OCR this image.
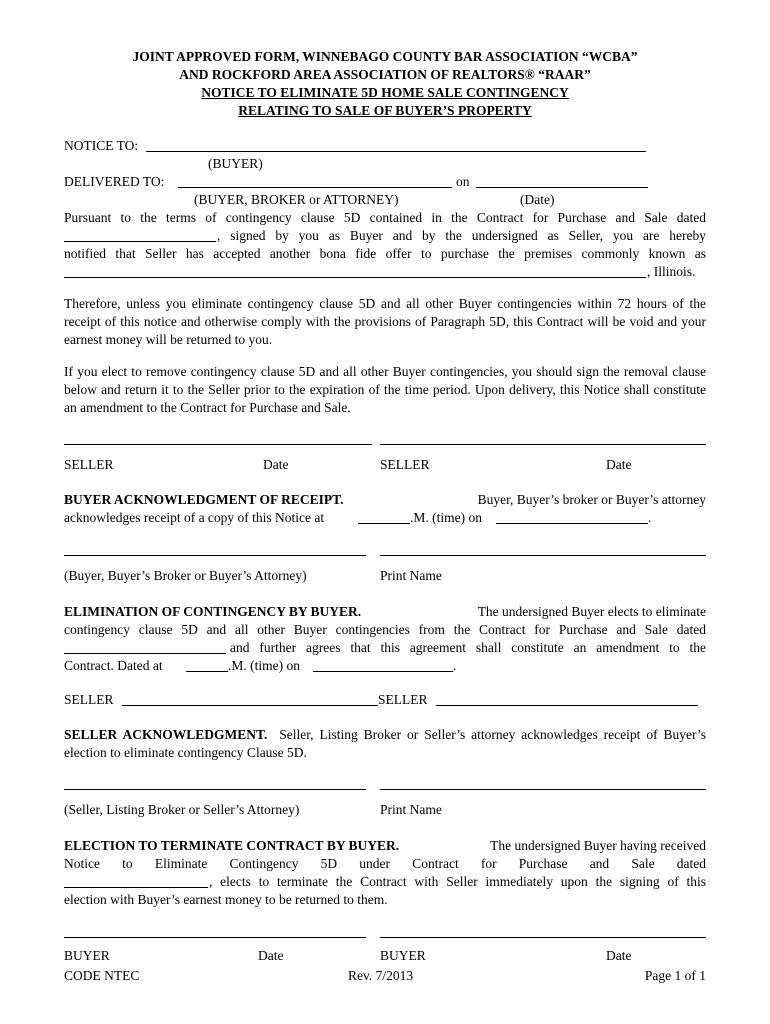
JOINT APPROVED FORM, WINNEBAGO COUNTY BAR ASSOCIATION “WCBA”
AND ROCKFORD AREA ASSOCIATION OF REALTORS® “RAAR”
NOTICE TO ELIMINATE 5D HOME SALE CONTINGENCY
RELATING TO SALE OF BUYER’S PROPERTY
NOTICE TO:
(BUYER)
DELIVERED TO:	on
(BUYER, BROKER or ATTORNEY)	(Date)
Pursuant to the terms of contingency clause 5D contained in the Contract for Purchase and Sale dated
, signed by you as Buyer and by the undersigned as Seller, you are hereby
notified that Seller has accepted another bona fide offer to purchase the premises commonly known as
, Illinois.

Therefore, unless you eliminate contingency clause 5D and all other Buyer contingencies within 72 hours of the receipt of this notice and otherwise comply with the provisions of Paragraph 5D, this Contract will be void and your earnest money will be returned to you.

If you elect to remove contingency clause 5D and all other Buyer contingencies, you should sign the removal clause below and return it to the Seller prior to the expiration of the time period. Upon delivery, this Notice shall constitute an amendment to the Contract for Purchase and Sale.

SELLER	Date	SELLER	Date
BUYER ACKNOWLEDGMENT OF RECEIPT.	Buyer, Buyer’s broker or Buyer’s attorney
acknowledges receipt of a copy of this Notice at	.M. (time) on	.
(Buyer, Buyer’s Broker or Buyer’s Attorney)	Print Name
ELIMINATION OF CONTINGENCY BY BUYER.	The undersigned Buyer elects to eliminate
contingency clause 5D and all other Buyer contingencies from the Contract for Purchase and Sale dated
and further agrees that this agreement shall constitute an amendment to the
Contract. Dated at	.M. (time) on	.
SELLER	SELLER

SELLER ACKNOWLEDGMENT. Seller, Listing Broker or Seller’s attorney acknowledges receipt of Buyer’s election to eliminate contingency Clause 5D.

(Seller, Listing Broker or Seller’s Attorney)	Print Name
ELECTION TO TERMINATE CONTRACT BY BUYER.	The undersigned Buyer having received
Notice to Eliminate Contingency 5D under Contract for Purchase and Sale dated
, elects to terminate the Contract with Seller immediately upon the signing of this
election with Buyer’s earnest money to be returned to them.
BUYER	Date	BUYER	Date
CODE NTEC	Rev. 7/2013	Page 1 of 1
